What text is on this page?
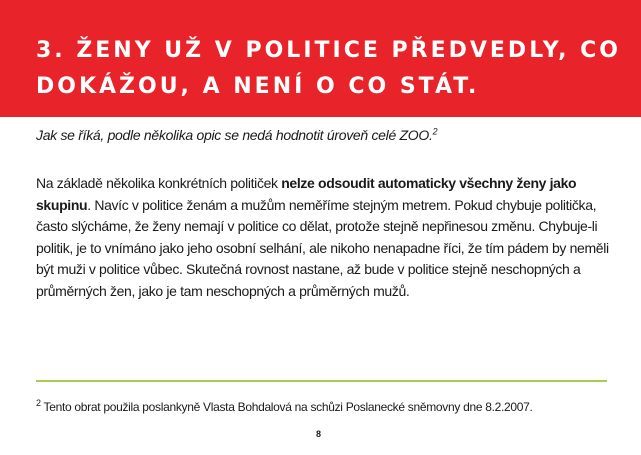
3. ŽENY UŽ V POLITICE PŘEDVEDLY, CO DOKÁŽOU, A NENÍ O CO STÁT.
Jak se říká, podle několika opic se nedá hodnotit úroveň celé ZOO.$^2$

Na základě několika konkrétních političek nelze odsoudit automaticky všechny ženy jako skupinu. Navíc v politice ženám a mužům neměříme stejným metrem. Pokud chybuje politička, často slýcháme, že ženy nemají v politice co dělat, protože stejně nepřinesou změnu. Chybuje-li politik, je to vnímáno jako jeho osobní selhání, ale nikoho nenapadne říci, že tím pádem by neměli být muži v politice vůbec. Skutečná rovnost nastane, až bude v politice stejně neschopných a průměrných žen, jako je tam neschopných a průměrných mužů.

$^2$ Tento obrat použila poslankyně Vlasta Bohdalová na schůzi Poslanecké sněmovny dne 8.2.2007.
8
